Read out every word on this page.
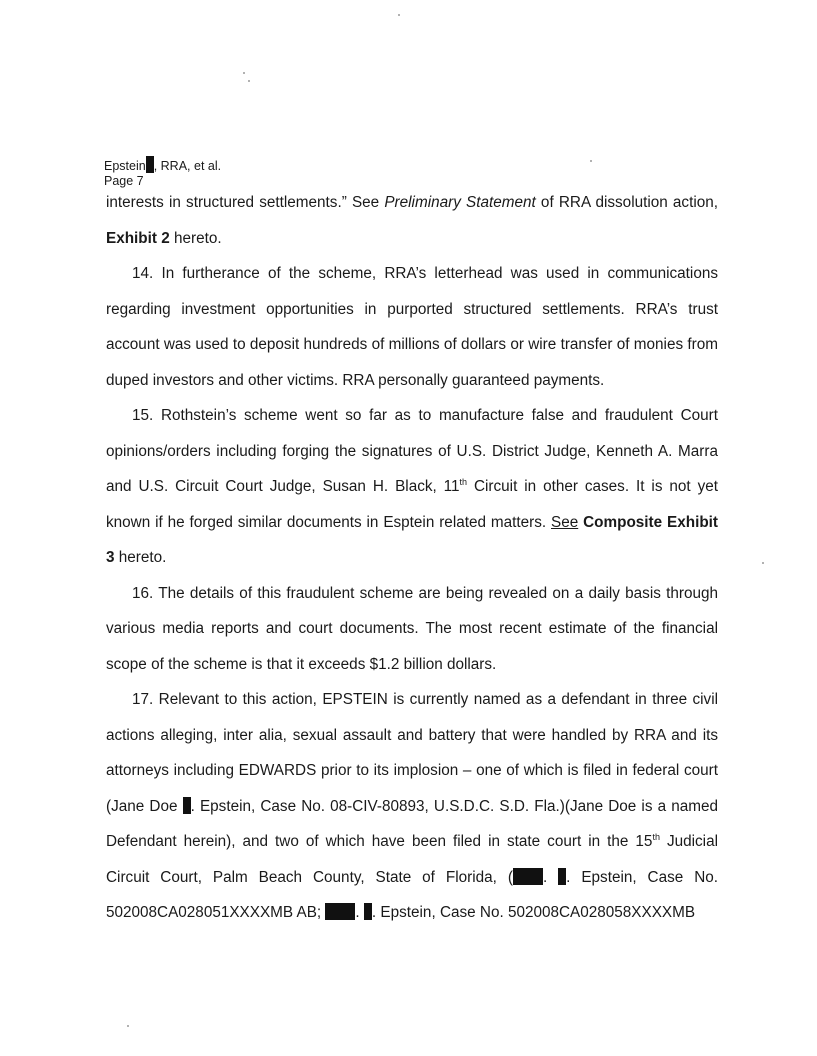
Epstein , RRA, et al.
Page 7

interests in structured settlements.” See Preliminary Statement of RRA dissolution action, Exhibit 2 hereto.

14. In furtherance of the scheme, RRA’s letterhead was used in communications regarding investment opportunities in purported structured settlements. RRA’s trust account was used to deposit hundreds of millions of dollars or wire transfer of monies from duped investors and other victims. RRA personally guaranteed payments.

15. Rothstein’s scheme went so far as to manufacture false and fraudulent Court opinions/orders including forging the signatures of U.S. District Judge, Kenneth A. Marra and U.S. Circuit Court Judge, Susan H. Black, 11th Circuit in other cases. It is not yet known if he forged similar documents in Esptein related matters. See Composite Exhibit 3 hereto.

16. The details of this fraudulent scheme are being revealed on a daily basis through various media reports and court documents. The most recent estimate of the financial scope of the scheme is that it exceeds $1.2 billion dollars.

17. Relevant to this action, EPSTEIN is currently named as a defendant in three civil actions alleging, inter alia, sexual assault and battery that were handled by RRA and its attorneys including EDWARDS prior to its implosion – one of which is filed in federal court (Jane Doe . Epstein, Case No. 08-CIV-80893, U.S.D.C. S.D. Fla.)(Jane Doe is a named Defendant herein), and two of which have been filed in state court in the 15th Judicial Circuit Court, Palm Beach County, State of Florida, ( . . Epstein, Case No. 502008CA028051XXXXMB AB; . . Epstein, Case No. 502008CA028058XXXXMB
